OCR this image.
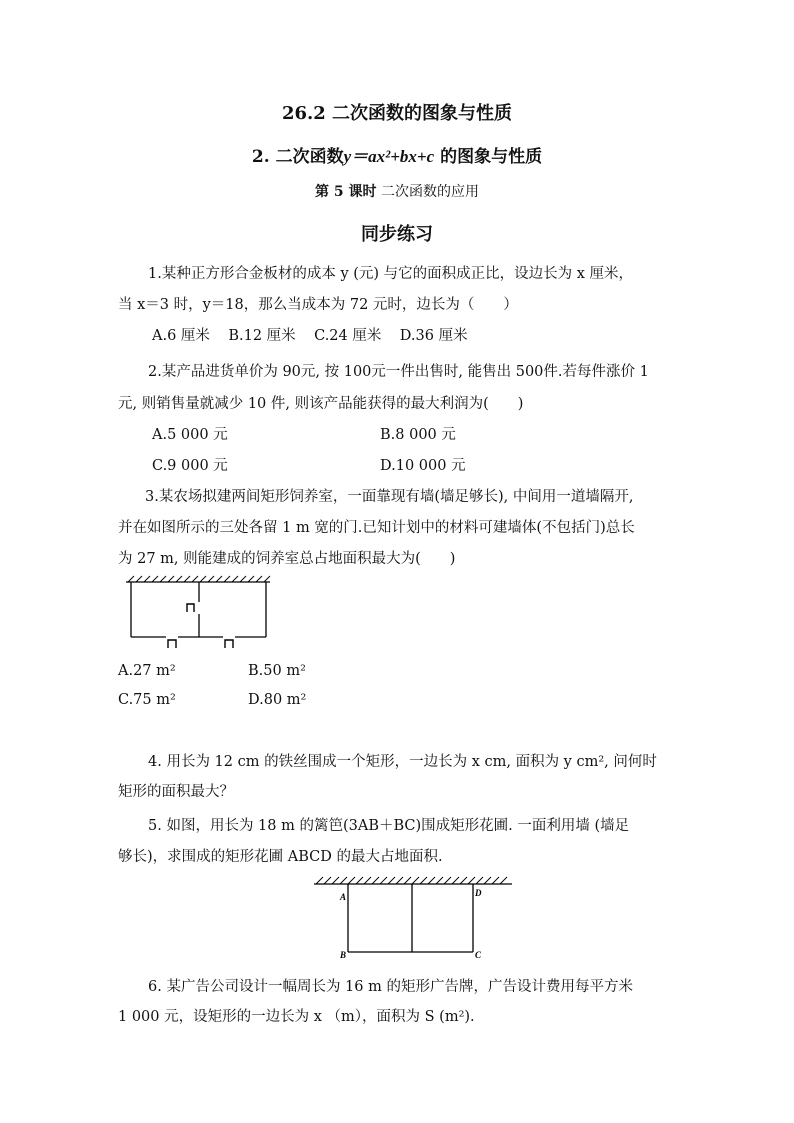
26.2 二次函数的图象与性质
2. 二次函数y＝ax²+bx+c 的图象与性质
第 5 课时 二次函数的应用
同步练习
1.某种正方形合金板材的成本 y (元) 与它的面积成正比，设边长为 x 厘米，
当 x＝3 时，y＝18，那么当成本为 72 元时，边长为（　　）
A.6 厘米    B.12 厘米    C.24 厘米    D.36 厘米
2.某产品进货单价为 90元, 按 100元一件出售时, 能售出 500件.若每件涨价 1
元, 则销售量就减少 10 件, 则该产品能获得的最大利润为(　　)
A.5 000 元	B.8 000 元
C.9 000 元	D.10 000 元
3.某农场拟建两间矩形饲养室，一面靠现有墙(墙足够长), 中间用一道墙隔开,
并在如图所示的三处各留 1 m 宽的门.已知计划中的材料可建墙体(不包括门)总长
为 27 m, 则能建成的饲养室总占地面积最大为(　　)
A.27 m²	B.50 m²
C.75 m²	D.80 m²
4. 用长为 12 cm 的铁丝围成一个矩形，一边长为 x cm, 面积为 y cm², 问何时
矩形的面积最大？
5. 如图，用长为 18 m 的篱笆(3AB＋BC)围成矩形花圃. 一面利用墙 (墙足
够长)，求围成的矩形花圃 ABCD 的最大占地面积.
A
B	C
D
6. 某广告公司设计一幅周长为 16 m 的矩形广告牌，广告设计费用每平方米
1 000 元，设矩形的一边长为 x （m），面积为 S (m²).
